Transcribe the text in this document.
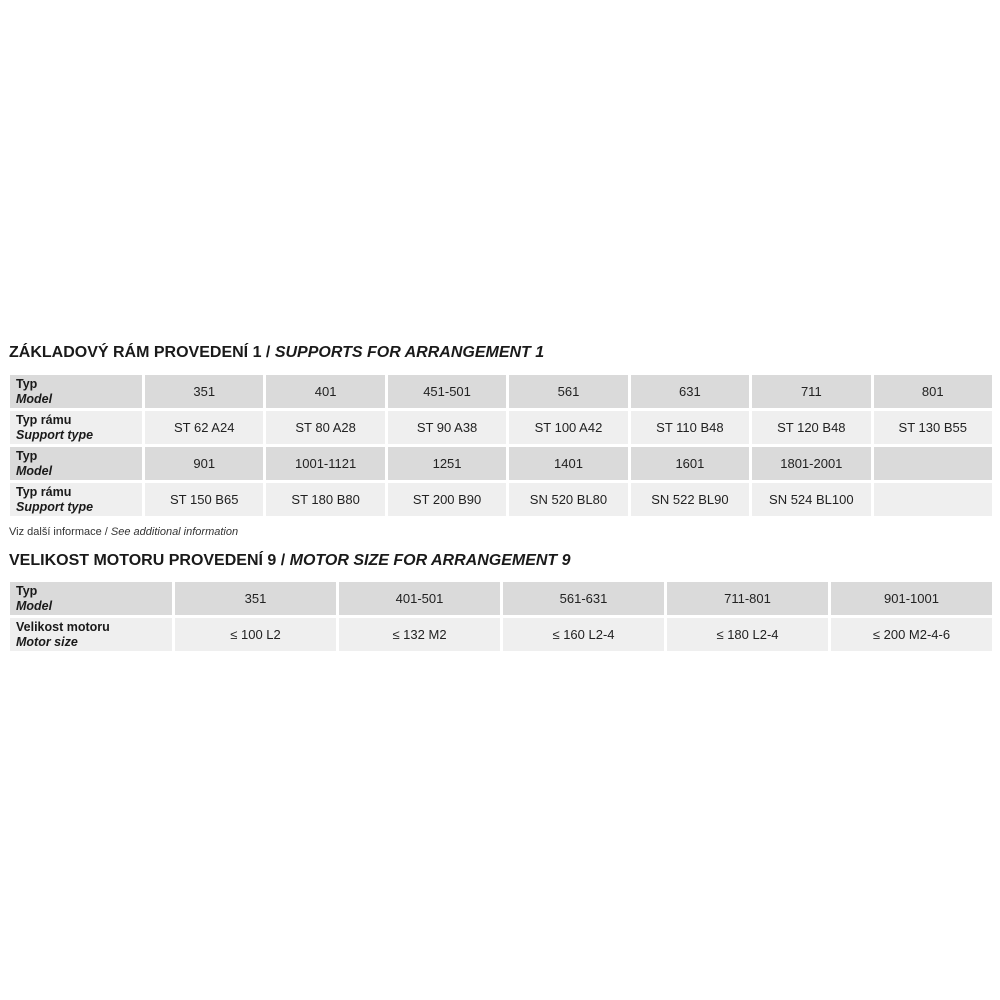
ZÁKLADOVÝ RÁM PROVEDENÍ 1 / SUPPORTS FOR ARRANGEMENT 1
Typ
Model	351	401	451-501	561	631	711	801

Typ rámu
Support type	ST 62 A24	ST 80 A28	ST 90 A38	ST 100 A42	ST 110 B48	ST 120 B48	ST 130 B55

Typ
Model	901	1001-1121	1251	1401	1601	1801-2001	

Typ rámu
Support type	ST 150 B65	ST 180 B80	ST 200 B90	SN 520 BL80	SN 522 BL90	SN 524 BL100	
Viz další informace / See additional information
VELIKOST MOTORU PROVEDENÍ 9 / MOTOR SIZE FOR ARRANGEMENT 9
Typ
Model	351	401-501	561-631	711-801	901-1001

Velikost motoru
Motor size	≤ 100 L2	≤ 132 M2	≤ 160 L2-4	≤ 180 L2-4	≤ 200 M2-4-6
